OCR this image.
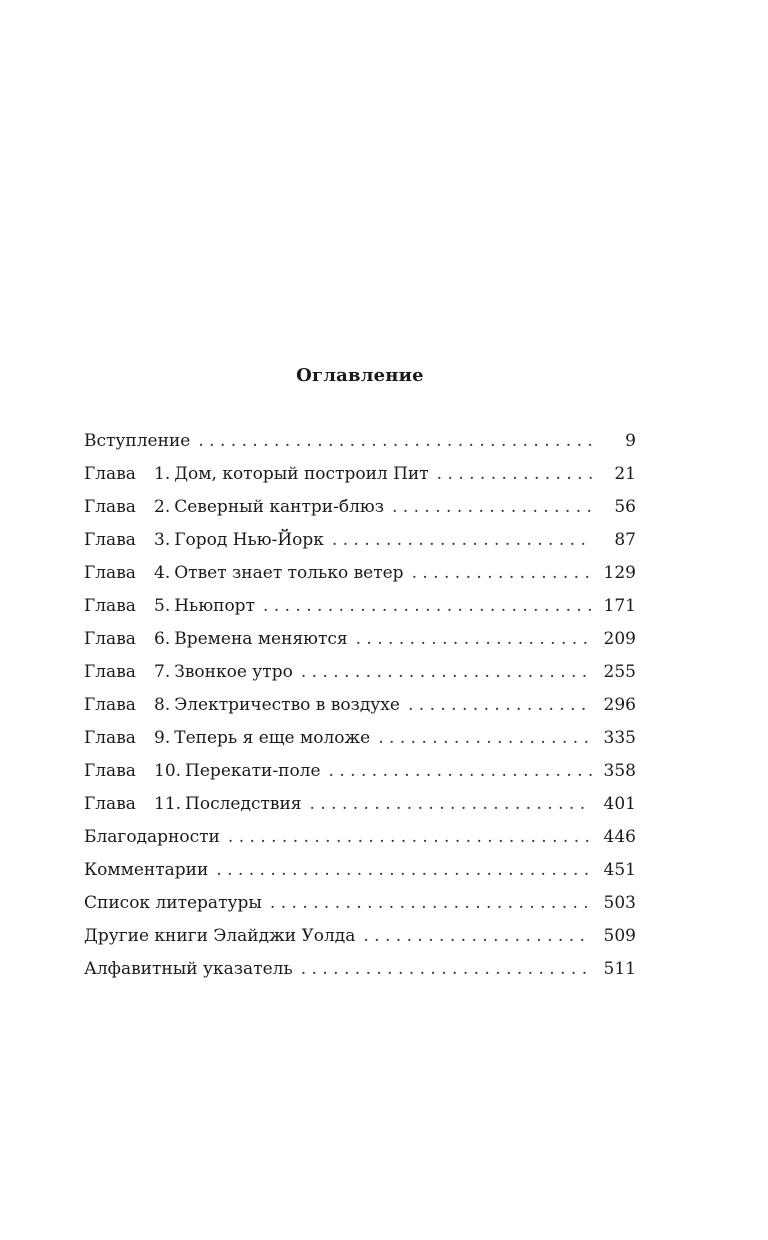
Оглавление
Вступление . . .	9
Глава	1. Дом, который построил Пит . . .	21
Глава	2. Северный кантри-блюз . . .	56
Глава	3. Город Нью-Йорк . . .	87
Глава	4. Ответ знает только ветер . . .	129
Глава	5. Ньюпорт . . .	171
Глава	6. Времена меняются . . .	209
Глава	7. Звонкое утро . . .	255
Глава	8. Электричество в воздухе . . .	296
Глава	9. Теперь я еще моложе . . .	335
Глава	10. Перекати-поле . . .	358
Глава	11. Последствия . . .	401
Благодарности . . .	446
Комментарии . . .	451
Список литературы . . .	503
Другие книги Элайджи Уолда . . .	509
Алфавитный указатель . . .	511
